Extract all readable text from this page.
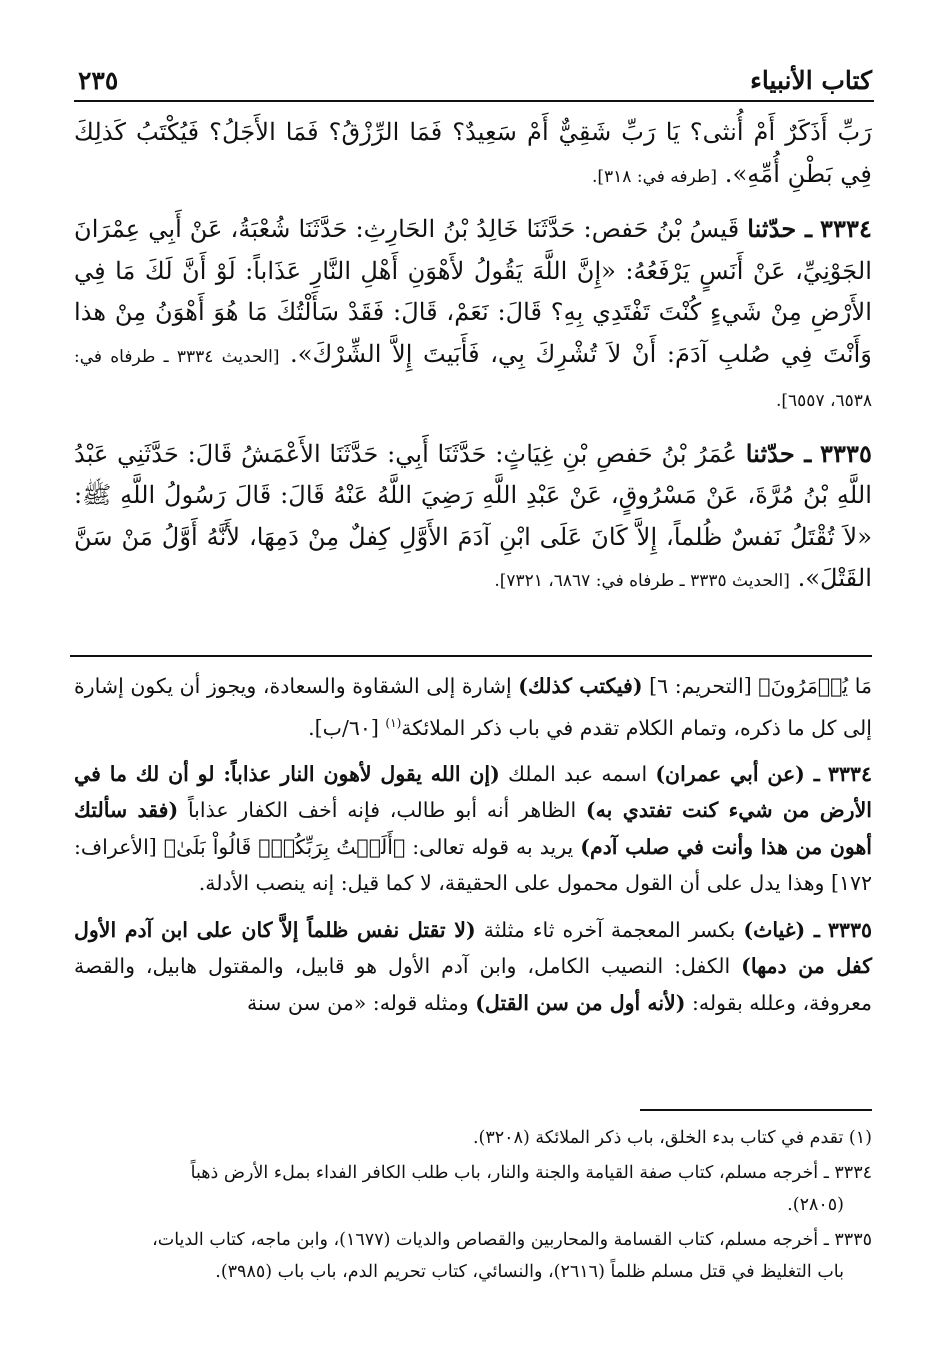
كتاب الأنبياء
٢٣٥

رَبِّ أَذَكَرٌ أَمْ أُنثى؟ يَا رَبِّ شَقِيٌّ أَمْ سَعِيدٌ؟ فَمَا الرِّزْقُ؟ فَمَا الأَجَلُ؟ فَيُكْتَبُ كَذلِكَ فِي بَطْنِ أُمِّهِ». [طرفه في: ٣١٨].

٣٣٣٤ ـ حدّثنا قَيسُ بْنُ حَفص: حَدَّثَنَا خَالِدُ بْنُ الحَارِثِ: حَدَّثَنَا شُعْبَةُ، عَنْ أَبِي عِمْرَانَ الجَوْنِيِّ، عَنْ أَنَسٍ يَرْفَعُهُ: «إِنَّ اللَّهَ يَقُولُ لأَهْوَنِ أَهْلِ النَّارِ عَذَاباً: لَوْ أَنَّ لَكَ مَا فِي الأَرْضِ مِنْ شَيءٍ كُنْتَ تَفْتَدِي بِهِ؟ قَالَ: نَعَمْ، قَالَ: فَقَدْ سَأَلْتُكَ مَا هُوَ أَهْوَنُ مِنْ هذا وَأَنْتَ فِي صُلبِ آدَمَ: أَنْ لاَ تُشْرِكَ بِي، فَأَبَيتَ إِلاَّ الشِّرْكَ». [الحديث ٣٣٣٤ ـ طرفاه في: ٦٥٣٨، ٦٥٥٧].

٣٣٣٥ ـ حدّثنا عُمَرُ بْنُ حَفصِ بْنِ غِيَاثٍ: حَدَّثَنَا أَبِي: حَدَّثَنَا الأَعْمَشُ قَالَ: حَدَّثَنِي عَبْدُ اللَّهِ بْنُ مُرَّةَ، عَنْ مَسْرُوقٍ، عَنْ عَبْدِ اللَّهِ رَضِيَ اللَّهُ عَنْهُ قَالَ: قَالَ رَسُولُ اللَّهِ ﷺ: «لاَ تُقْتَلُ نَفسٌ ظُلماً، إِلاَّ كَانَ عَلَى ابْنِ آدَمَ الأَوَّلِ كِفلٌ مِنْ دَمِهَا، لأَنَّهُ أَوَّلُ مَنْ سَنَّ القَتْلَ». [الحديث ٣٣٣٥ ـ طرفاه في: ٦٨٦٧، ٧٣٢١].

مَا يُؤۡمَرُونَ﴾ [التحريم: ٦] (فيكتب كذلك) إشارة إلى الشقاوة والسعادة، ويجوز أن يكون إشارة إلى كل ما ذكره، وتمام الكلام تقدم في باب ذكر الملائكة$^{(١)}$ [٦٠/ب].

٣٣٣٤ ـ (عن أبي عمران) اسمه عبد الملك (إن الله يقول لأهون النار عذاباً: لو أن لك ما في الأرض من شيء كنت تفتدي به) الظاهر أنه أبو طالب، فإنه أخف الكفار عذاباً (فقد سألتك أهون من هذا وأنت في صلب آدم) يريد به قوله تعالى: ﴿أَلَسۡتُ بِرَبِّكُمۡۖ قَالُواْ بَلَىٰ﴾ [الأعراف: ١٧٢] وهذا يدل على أن القول محمول على الحقيقة، لا كما قيل: إنه ينصب الأدلة.

٣٣٣٥ ـ (غياث) بكسر المعجمة آخره ثاء مثلثة (لا تقتل نفس ظلماً إلاَّ كان على ابن آدم الأول كفل من دمها) الكفل: النصيب الكامل، وابن آدم الأول هو قابيل، والمقتول هابيل، والقصة معروفة، وعلله بقوله: (لأنه أول من سن القتل) ومثله قوله: «من سن سنة

(١) تقدم في كتاب بدء الخلق، باب ذكر الملائكة (٣٢٠٨).

٣٣٣٤ ـ أخرجه مسلم، كتاب صفة القيامة والجنة والنار، باب طلب الكافر الفداء بملء الأرض ذهباً
(٢٨٠٥).

٣٣٣٥ ـ أخرجه مسلم، كتاب القسامة والمحاربين والقصاص والديات (١٦٧٧)، وابن ماجه، كتاب الديات،
باب التغليظ في قتل مسلم ظلماً (٢٦١٦)، والنسائي، كتاب تحريم الدم، باب باب (٣٩٨٥).
